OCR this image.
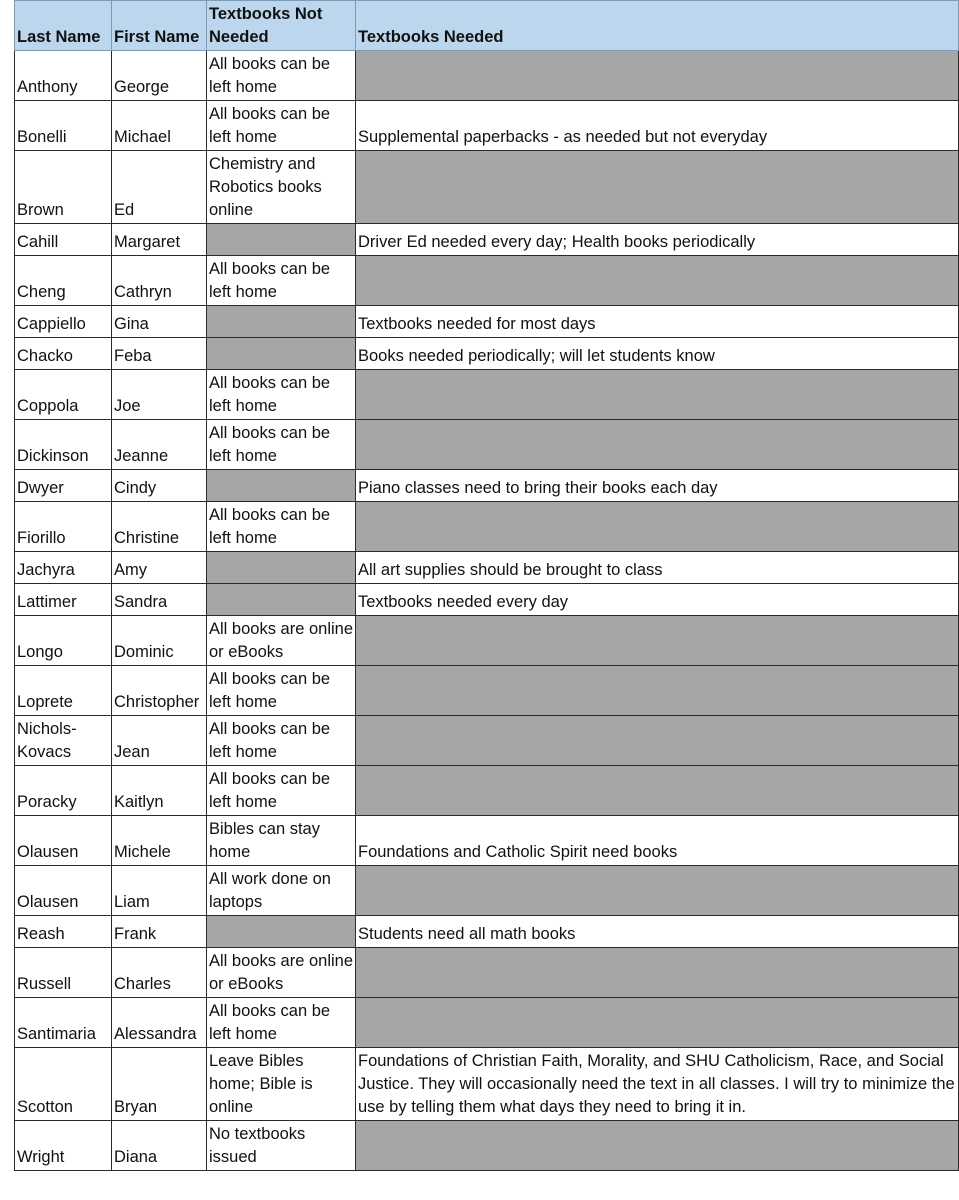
Last Name	First Name	Textbooks Not Needed	Textbooks Needed
Anthony	George	All books can be left home	
Bonelli	Michael	All books can be left home	Supplemental paperbacks - as needed but not everyday
Brown	Ed	Chemistry and Robotics books online	
Cahill	Margaret		Driver Ed needed every day; Health books periodically
Cheng	Cathryn	All books can be left home	
Cappiello	Gina		Textbooks needed for most days
Chacko	Feba		Books needed periodically; will let students know
Coppola	Joe	All books can be left home	
Dickinson	Jeanne	All books can be left home	
Dwyer	Cindy		Piano classes need to bring their books each day
Fiorillo	Christine	All books can be left home	
Jachyra	Amy		All art supplies should be brought to class
Lattimer	Sandra		Textbooks needed every day
Longo	Dominic	All books are online or eBooks	
Loprete	Christopher	All books can be left home	
Nichols-Kovacs	Jean	All books can be left home	
Poracky	Kaitlyn	All books can be left home	
Olausen	Michele	Bibles can stay home	Foundations and Catholic Spirit need books
Olausen	Liam	All work done on laptops	
Reash	Frank		Students need all math books
Russell	Charles	All books are online or eBooks	
Santimaria	Alessandra	All books can be left home	
Scotton	Bryan	Leave Bibles home; Bible is online	Foundations of Christian Faith, Morality, and SHU Catholicism, Race, and Social Justice. They will occasionally need the text in all classes. I will try to minimize the use by telling them what days they need to bring it in.
Wright	Diana	No textbooks issued	
